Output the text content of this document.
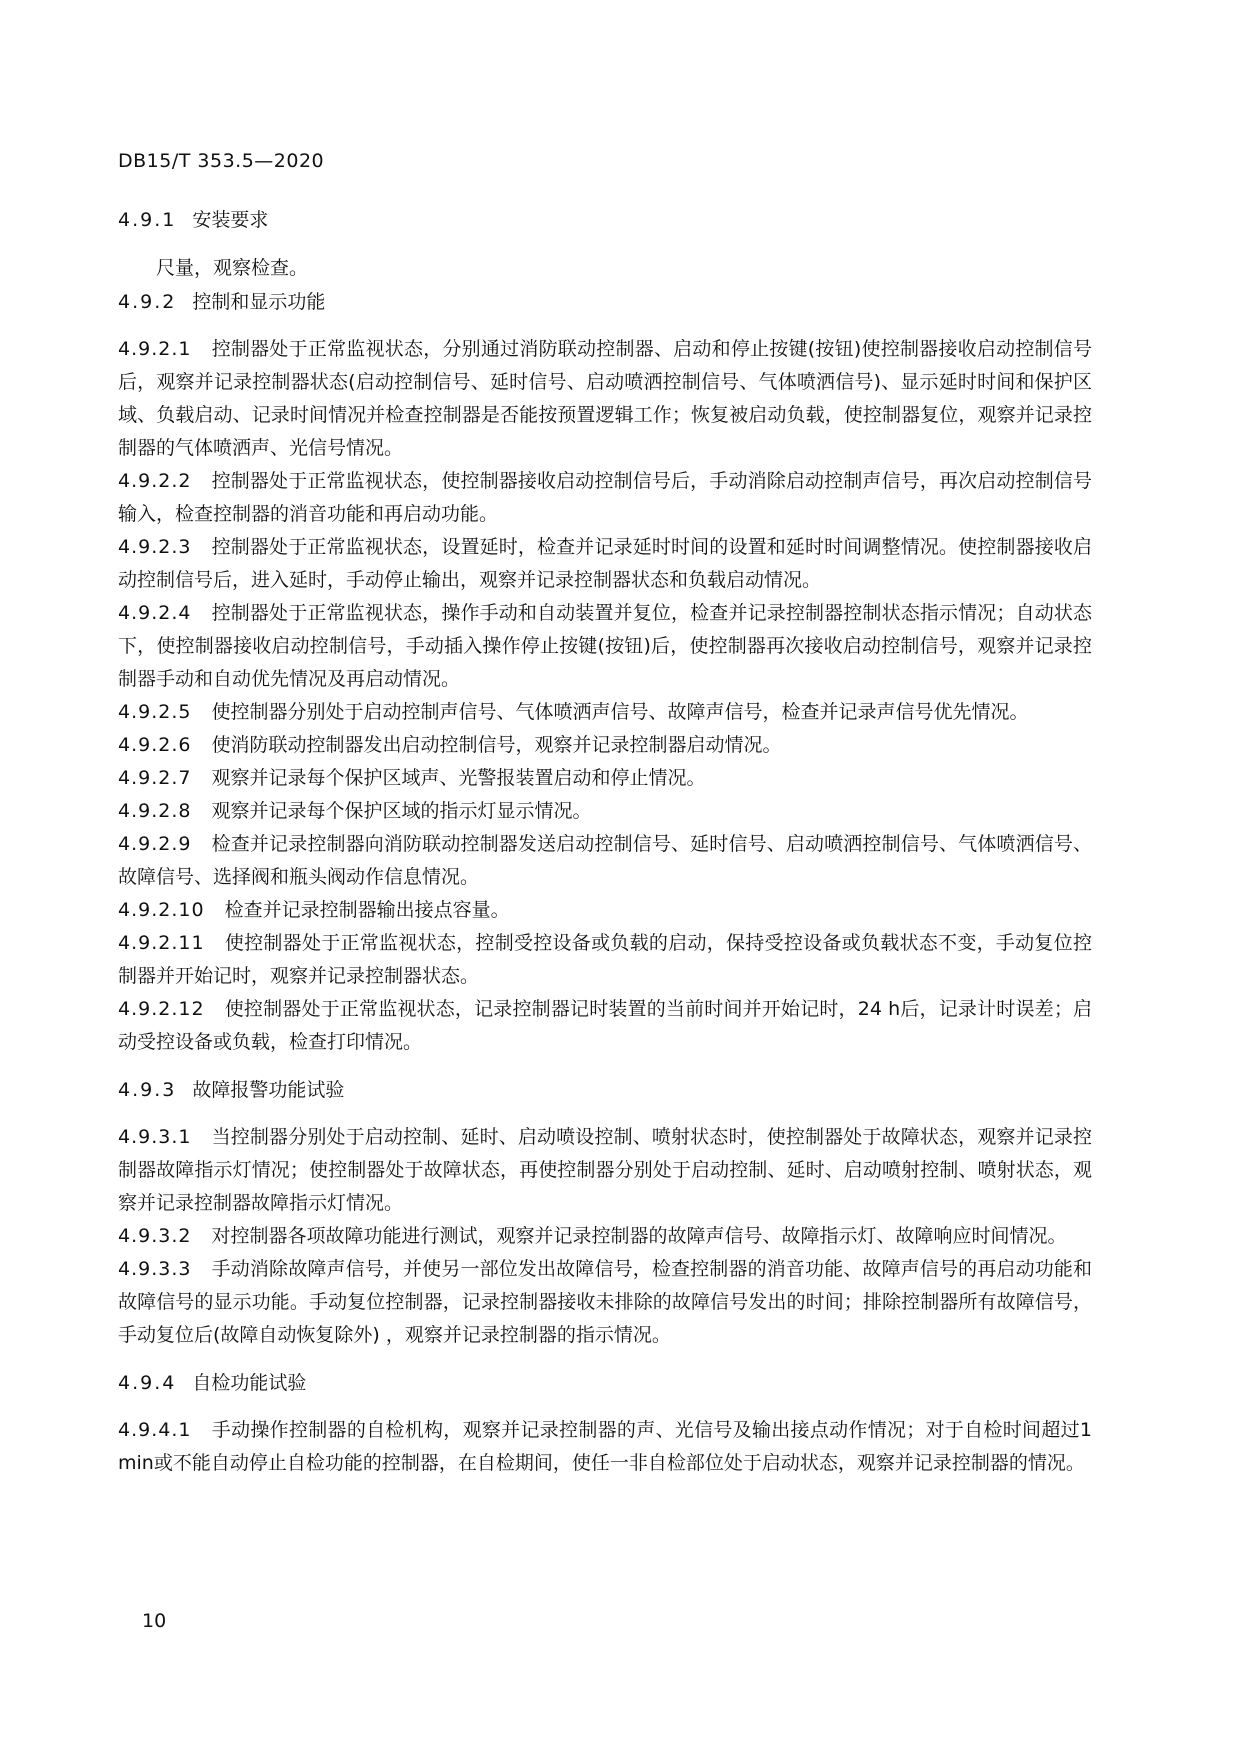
DB15/T 353.5—2020

4.9.1 安装要求

尺量，观察检查。

4.9.2 控制和显示功能

4.9.2.1 控制器处于正常监视状态，分别通过消防联动控制器、启动和停止按键(按钮)使控制器接收启动控制信号后，观察并记录控制器状态(启动控制信号、延时信号、启动喷洒控制信号、气体喷洒信号)、显示延时时间和保护区域、负载启动、记录时间情况并检查控制器是否能按预置逻辑工作；恢复被启动负载，使控制器复位，观察并记录控制器的气体喷洒声、光信号情况。

4.9.2.2 控制器处于正常监视状态，使控制器接收启动控制信号后，手动消除启动控制声信号，再次启动控制信号输入，检查控制器的消音功能和再启动功能。

4.9.2.3 控制器处于正常监视状态，设置延时，检查并记录延时时间的设置和延时时间调整情况。使控制器接收启动控制信号后，进入延时，手动停止输出，观察并记录控制器状态和负载启动情况。

4.9.2.4 控制器处于正常监视状态，操作手动和自动装置并复位，检查并记录控制器控制状态指示情况；自动状态下，使控制器接收启动控制信号，手动插入操作停止按键(按钮)后，使控制器再次接收启动控制信号，观察并记录控制器手动和自动优先情况及再启动情况。

4.9.2.5 使控制器分别处于启动控制声信号、气体喷洒声信号、故障声信号，检查并记录声信号优先情况。

4.9.2.6 使消防联动控制器发出启动控制信号，观察并记录控制器启动情况。

4.9.2.7 观察并记录每个保护区域声、光警报装置启动和停止情况。

4.9.2.8 观察并记录每个保护区域的指示灯显示情况。

4.9.2.9 检查并记录控制器向消防联动控制器发送启动控制信号、延时信号、启动喷洒控制信号、气体喷洒信号、故障信号、选择阀和瓶头阀动作信息情况。

4.9.2.10 检查并记录控制器输出接点容量。

4.9.2.11 使控制器处于正常监视状态，控制受控设备或负载的启动，保持受控设备或负载状态不变，手动复位控制器并开始记时，观察并记录控制器状态。

4.9.2.12 使控制器处于正常监视状态，记录控制器记时装置的当前时间并开始记时，24 h后，记录计时误差；启动受控设备或负载，检查打印情况。

4.9.3 故障报警功能试验

4.9.3.1 当控制器分别处于启动控制、延时、启动喷设控制、喷射状态时，使控制器处于故障状态，观察并记录控制器故障指示灯情况；使控制器处于故障状态，再使控制器分别处于启动控制、延时、启动喷射控制、喷射状态，观察并记录控制器故障指示灯情况。

4.9.3.2 对控制器各项故障功能进行测试，观察并记录控制器的故障声信号、故障指示灯、故障响应时间情况。

4.9.3.3 手动消除故障声信号，并使另一部位发出故障信号，检查控制器的消音功能、故障声信号的再启动功能和故障信号的显示功能。手动复位控制器，记录控制器接收未排除的故障信号发出的时间；排除控制器所有故障信号，手动复位后(故障自动恢复除外) ，观察并记录控制器的指示情况。

4.9.4 自检功能试验

4.9.4.1 手动操作控制器的自检机构，观察并记录控制器的声、光信号及输出接点动作情况；对于自检时间超过1 min或不能自动停止自检功能的控制器，在自检期间，使任一非自检部位处于启动状态，观察并记录控制器的情况。

10
